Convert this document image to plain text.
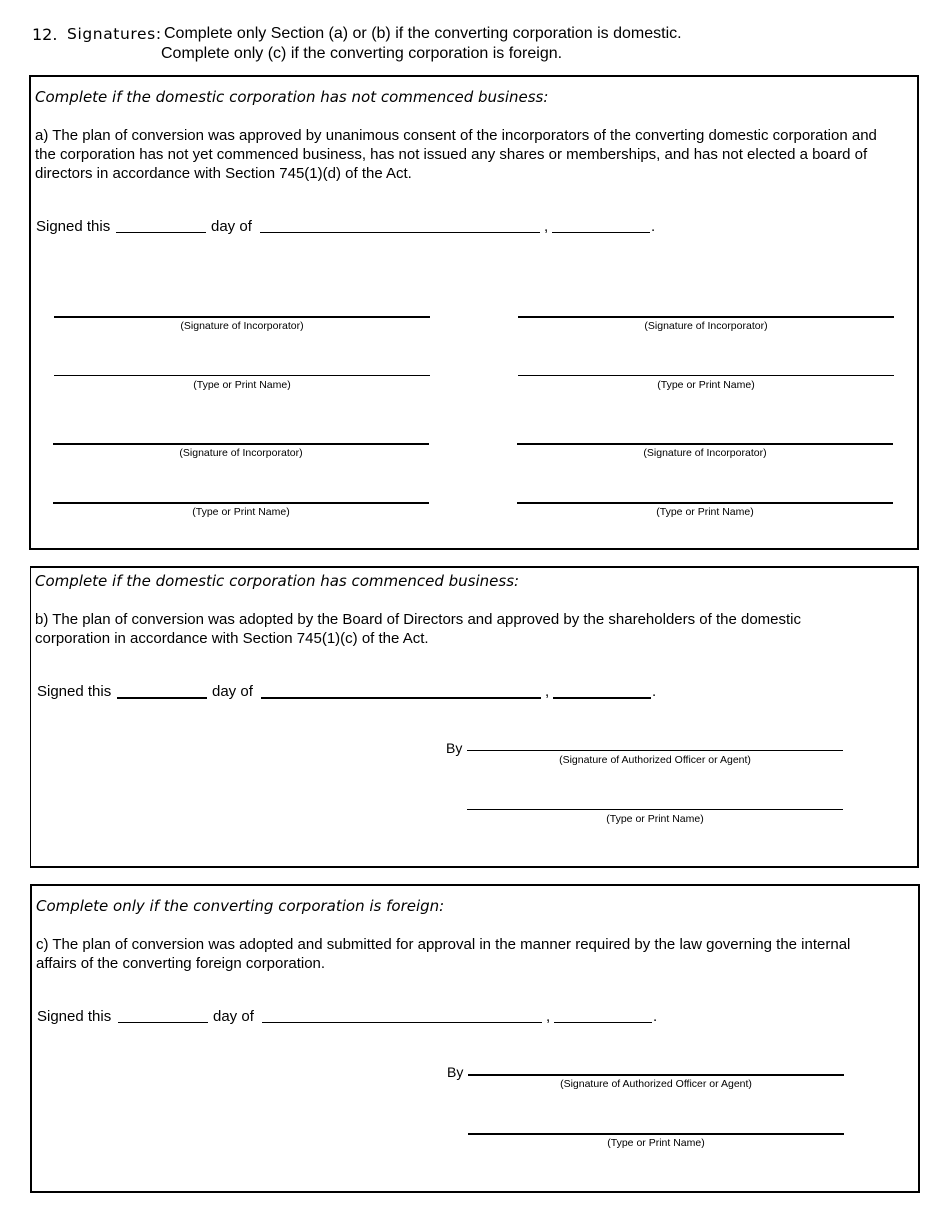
12. Signatures: Complete only Section (a) or (b) if the converting corporation is domestic.
Complete only (c) if the converting corporation is foreign.
Complete if the domestic corporation has not commenced business:
a) The plan of conversion was approved by unanimous consent of the incorporators of the converting domestic corporation and
the corporation has not yet commenced business, has not issued any shares or memberships, and has not elected a board of
directors in accordance with Section 745(1)(d) of the Act.
Signed this	day of	,	.
(Signature of Incorporator)
(Type or Print Name)
(Signature of Incorporator)
(Type or Print Name)
(Signature of Incorporator)
(Type or Print Name)
(Signature of Incorporator)
(Type or Print Name)
Complete if the domestic corporation has commenced business:
b) The plan of conversion was adopted by the Board of Directors and approved by the shareholders of the domestic
corporation in accordance with Section 745(1)(c) of the Act.
Signed this	day of	,	.
By
(Signature of Authorized Officer or Agent)
(Type or Print Name)
Complete only if the converting corporation is foreign:
c) The plan of conversion was adopted and submitted for approval in the manner required by the law governing the internal
affairs of the converting foreign corporation.
Signed this	day of	,	.
By
(Signature of Authorized Officer or Agent)
(Type or Print Name)
